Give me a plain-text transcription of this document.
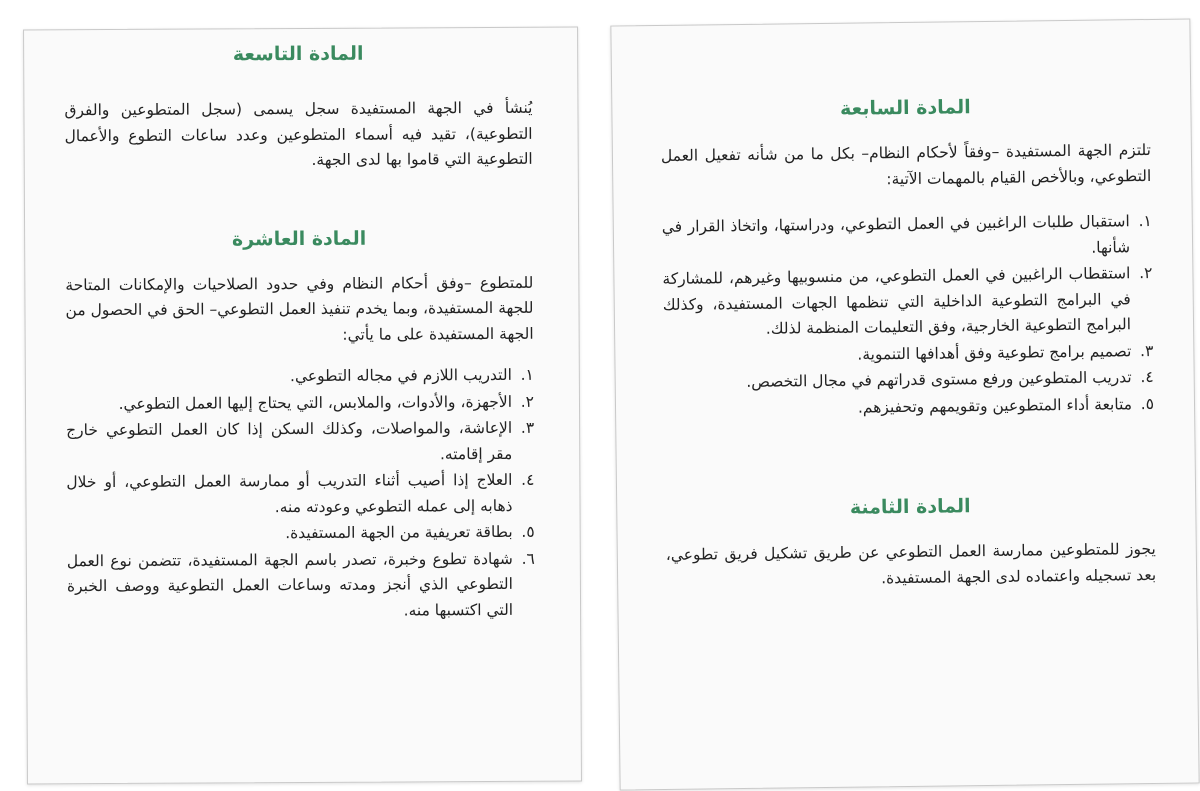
المادة التاسعة

يُنشأ في الجهة المستفيدة سجل يسمى (سجل المتطوعين والفرق التطوعية)، تقيد فيه أسماء المتطوعين وعدد ساعات التطوع والأعمال التطوعية التي قاموا بها لدى الجهة.

المادة العاشرة

للمتطوع –وفق أحكام النظام وفي حدود الصلاحيات والإمكانات المتاحة للجهة المستفيدة، وبما يخدم تنفيذ العمل التطوعي– الحق في الحصول من الجهة المستفيدة على ما يأتي:

١.
التدريب اللازم في مجاله التطوعي.
٢.
الأجهزة، والأدوات، والملابس، التي يحتاج إليها العمل التطوعي.
٣.
الإعاشة، والمواصلات، وكذلك السكن إذا كان العمل التطوعي خارج مقر إقامته.
٤.
العلاج إذا أصيب أثناء التدريب أو ممارسة العمل التطوعي، أو خلال ذهابه إلى عمله التطوعي وعودته منه.
٥.
بطاقة تعريفية من الجهة المستفيدة.
٦.
شهادة تطوع وخبرة، تصدر باسم الجهة المستفيدة، تتضمن نوع العمل التطوعي الذي أنجز ومدته وساعات العمل التطوعية ووصف الخبرة التي اكتسبها منه.
المادة السابعة

تلتزم الجهة المستفيدة –وفقاً لأحكام النظام– بكل ما من شأنه تفعيل العمل التطوعي، وبالأخص القيام بالمهمات الآتية:

١.
استقبال طلبات الراغبين في العمل التطوعي، ودراستها، واتخاذ القرار في شأنها.
٢.
استقطاب الراغبين في العمل التطوعي، من منسوبيها وغيرهم، للمشاركة في البرامج التطوعية الداخلية التي تنظمها الجهات المستفيدة، وكذلك البرامج التطوعية الخارجية، وفق التعليمات المنظمة لذلك.
٣.
تصميم برامج تطوعية وفق أهدافها التنموية.
٤.
تدريب المتطوعين ورفع مستوى قدراتهم في مجال التخصص.
٥.
متابعة أداء المتطوعين وتقويمهم وتحفيزهم.
المادة الثامنة

يجوز للمتطوعين ممارسة العمل التطوعي عن طريق تشكيل فريق تطوعي، بعد تسجيله واعتماده لدى الجهة المستفيدة.
